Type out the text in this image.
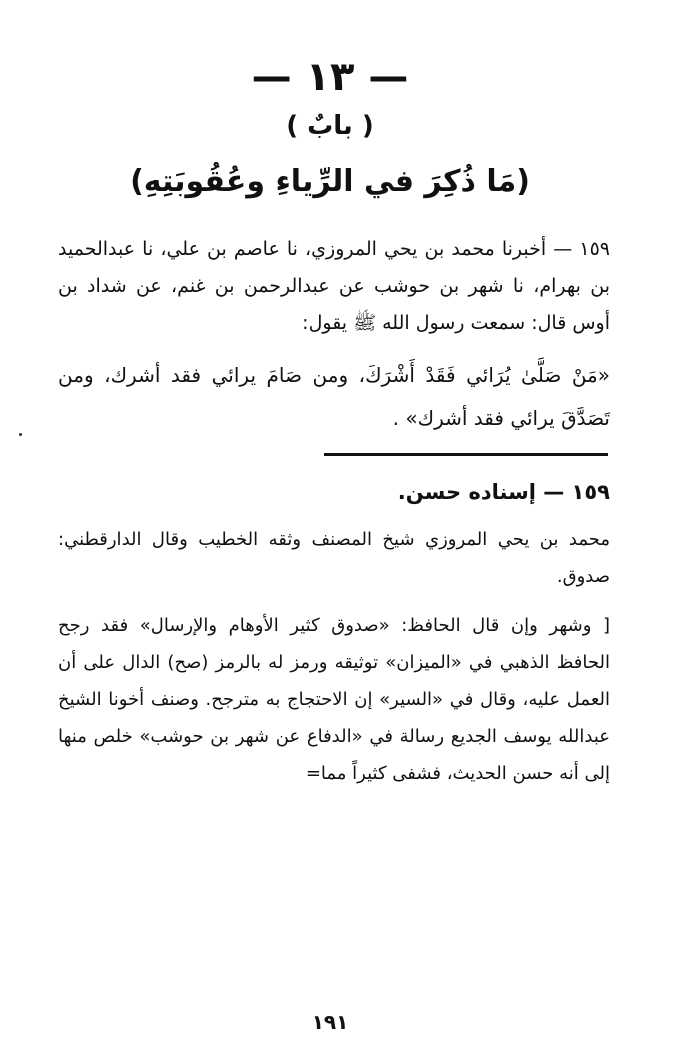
— ١٣ —
( بابٌ )
(مَا ذُكِرَ في الرِّياءِ وعُقُوبَتِهِ)

١٥٩ — أخبرنا محمد بن يحي المروزي، نا عاصم بن علي، نا عبدالحميد بن بهرام، نا شهر بن حوشب عن عبدالرحمن بن غنم، عن شداد بن أوس قال: سمعت رسول الله ﷺ يقول:

«مَنْ صَلَّىٰ يُرَائي فَقَدْ أَشْرَكَ، ومن صَامَ يرائي فقد أشرك، ومن تَصَدَّقَ يرائي فقد أشرك» .

١٥٩ — إسناده حسن.

محمد بن يحي المروزي شيخ المصنف وثقه الخطيب وقال الدارقطني: صدوق.

[ وشهر وإن قال الحافظ: «صدوق كثير الأوهام والإرسال» فقد رجح الحافظ الذهبي في «الميزان» توثيقه ورمز له بالرمز (صح) الدال على أن العمل عليه، وقال في «السير» إن الاحتجاج به مترجح. وصنف أخونا الشيخ عبدالله يوسف الجديع رسالة في «الدفاع عن شهر بن حوشب» خلص منها إلى أنه حسن الحديث، فشفى كثيراً مما=

١٩١
